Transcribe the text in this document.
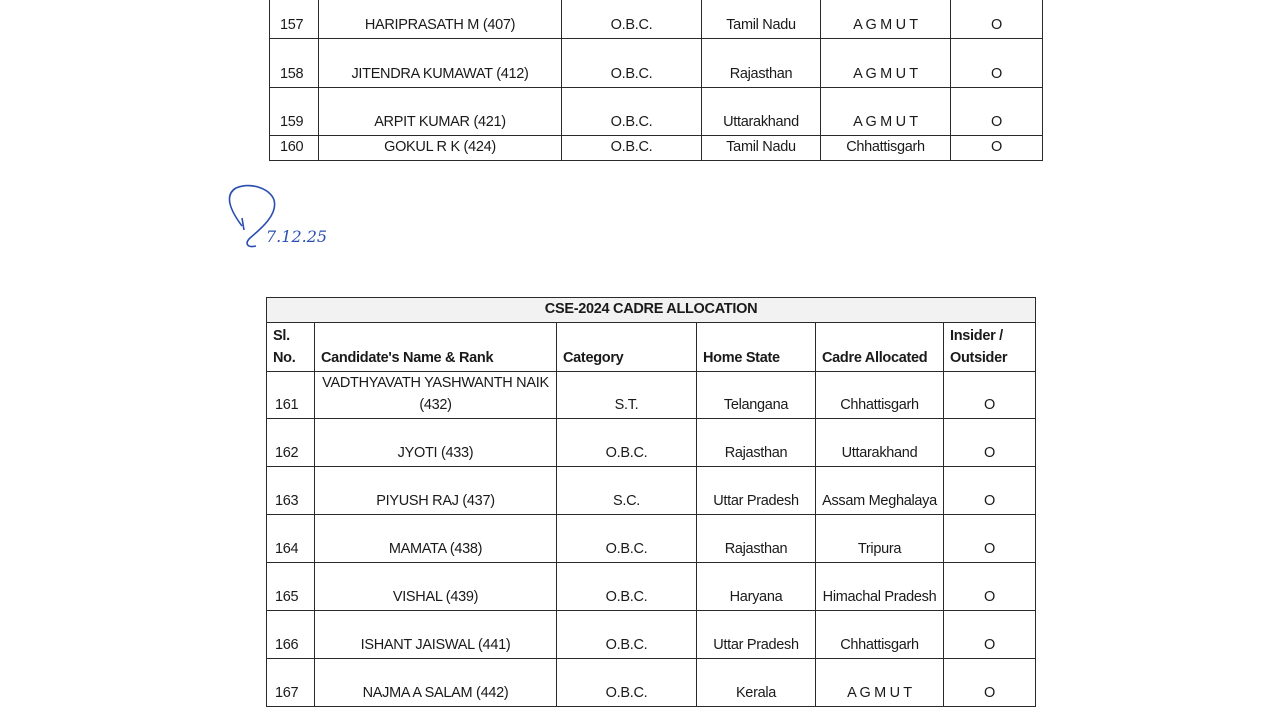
157	HARIPRASATH M (407)	O.B.C.	Tamil Nadu	A G M U T	O
158	JITENDRA KUMAWAT (412)	O.B.C.	Rajasthan	A G M U T	O
159	ARPIT KUMAR (421)	O.B.C.	Uttarakhand	A G M U T	O
160	GOKUL R K (424)	O.B.C.	Tamil Nadu	Chhattisgarh	O
7.12.25
CSE-2024 CADRE ALLOCATION					
Sl. No.	Candidate's Name & Rank	Category	Home State	Cadre Allocated	Insider / Outsider
161	VADTHYAVATH YASHWANTH NAIK (432)	S.T.	Telangana	Chhattisgarh	O
162	JYOTI (433)	O.B.C.	Rajasthan	Uttarakhand	O
163	PIYUSH RAJ (437)	S.C.	Uttar Pradesh	Assam Meghalaya	O
164	MAMATA (438)	O.B.C.	Rajasthan	Tripura	O
165	VISHAL (439)	O.B.C.	Haryana	Himachal Pradesh	O
166	ISHANT JAISWAL (441)	O.B.C.	Uttar Pradesh	Chhattisgarh	O
167	NAJMA A SALAM (442)	O.B.C.	Kerala	A G M U T	O
